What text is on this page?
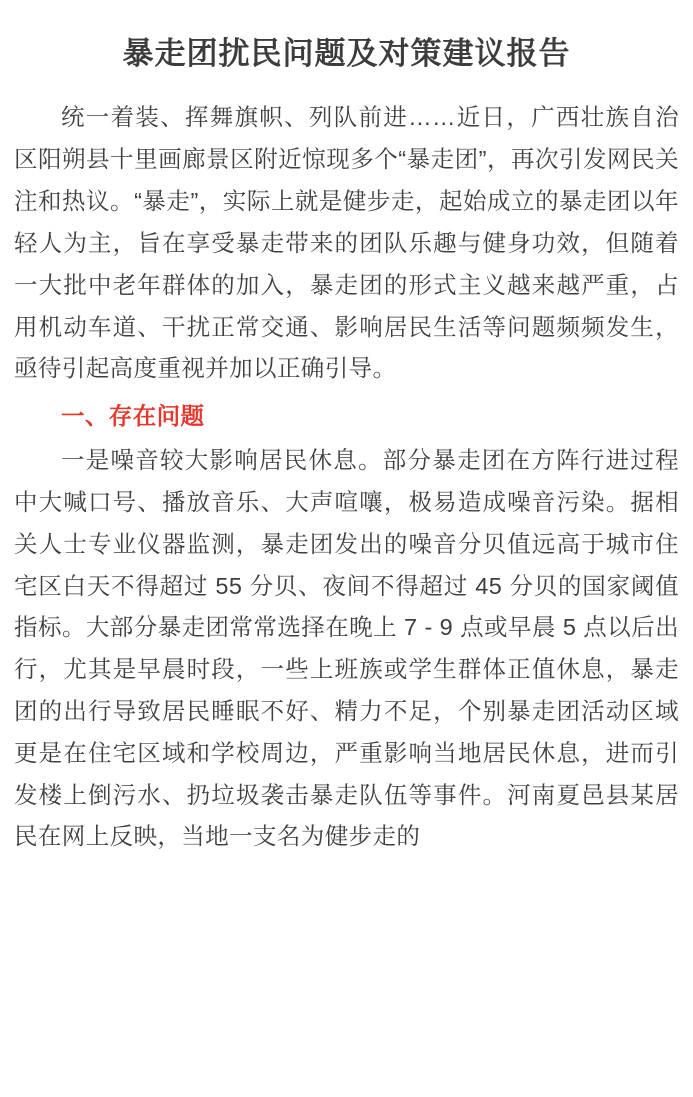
暴走团扰民问题及对策建议报告

统一着装、挥舞旗帜、列队前进……近日，广西壮族自治区阳朔县十里画廊景区附近惊现多个“暴走团”，再次引发网民关注和热议。“暴走”，实际上就是健步走，起始成立的暴走团以年轻人为主，旨在享受暴走带来的团队乐趣与健身功效，但随着一大批中老年群体的加入，暴走团的形式主义越来越严重，占用机动车道、干扰正常交通、影响居民生活等问题频频发生，亟待引起高度重视并加以正确引导。

一、存在问题

一是噪音较大影响居民休息。部分暴走团在方阵行进过程中大喊口号、播放音乐、大声喧嚷，极易造成噪音污染。据相关人士专业仪器监测，暴走团发出的噪音分贝值远高于城市住宅区白天不得超过 55 分贝、夜间不得超过 45 分贝的国家阈值指标。大部分暴走团常常选择在晚上 7 - 9 点或早晨 5 点以后出行，尤其是早晨时段，一些上班族或学生群体正值休息，暴走团的出行导致居民睡眠不好、精力不足，个别暴走团活动区域更是在住宅区域和学校周边，严重影响当地居民休息，进而引发楼上倒污水、扔垃圾袭击暴走队伍等事件。河南夏邑县某居民在网上反映，当地一支名为健步走的
